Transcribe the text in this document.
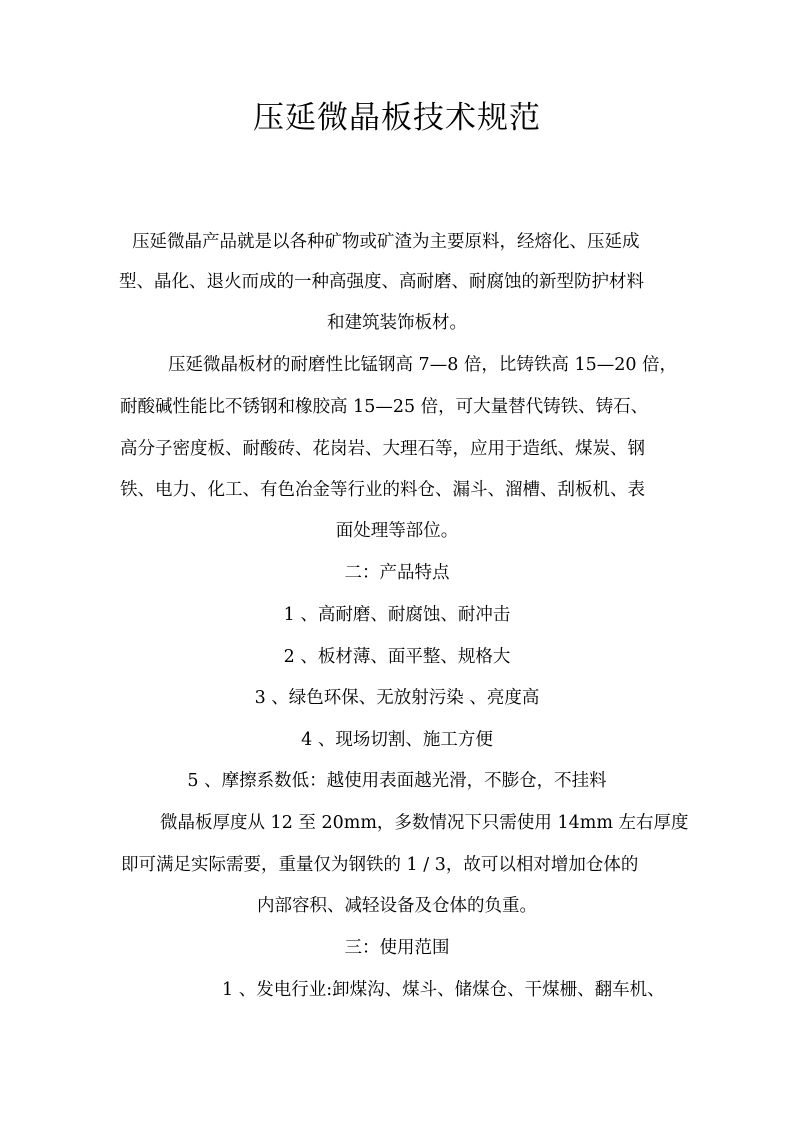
压延微晶板技术规范
压延微晶产品就是以各种矿物或矿渣为主要原料，经熔化、压延成
型、晶化、退火而成的一种高强度、高耐磨、耐腐蚀的新型防护材料
和建筑装饰板材。
压延微晶板材的耐磨性比锰钢高 7—8 倍，比铸铁高 15—20 倍，
耐酸碱性能比不锈钢和橡胶高 15—25 倍，可大量替代铸铁、铸石、
高分子密度板、耐酸砖、花岗岩、大理石等，应用于造纸、煤炭、钢
铁、电力、化工、有色冶金等行业的料仓、漏斗、溜槽、刮板机、表
面处理等部位。
二：产品特点
1 、高耐磨、耐腐蚀、耐冲击
2 、板材薄、面平整、规格大
3 、绿色环保、无放射污染 、亮度高
4 、现场切割、施工方便
5 、摩擦系数低：越使用表面越光滑，不膨仓，不挂料
微晶板厚度从 12 至 20mm，多数情况下只需使用 14mm 左右厚度
即可满足实际需要，重量仅为钢铁的 1 / 3，故可以相对增加仓体的
内部容积、减轻设备及仓体的负重。
三：使用范围
1 、发电行业:卸煤沟、煤斗、储煤仓、干煤栅、翻车机、
